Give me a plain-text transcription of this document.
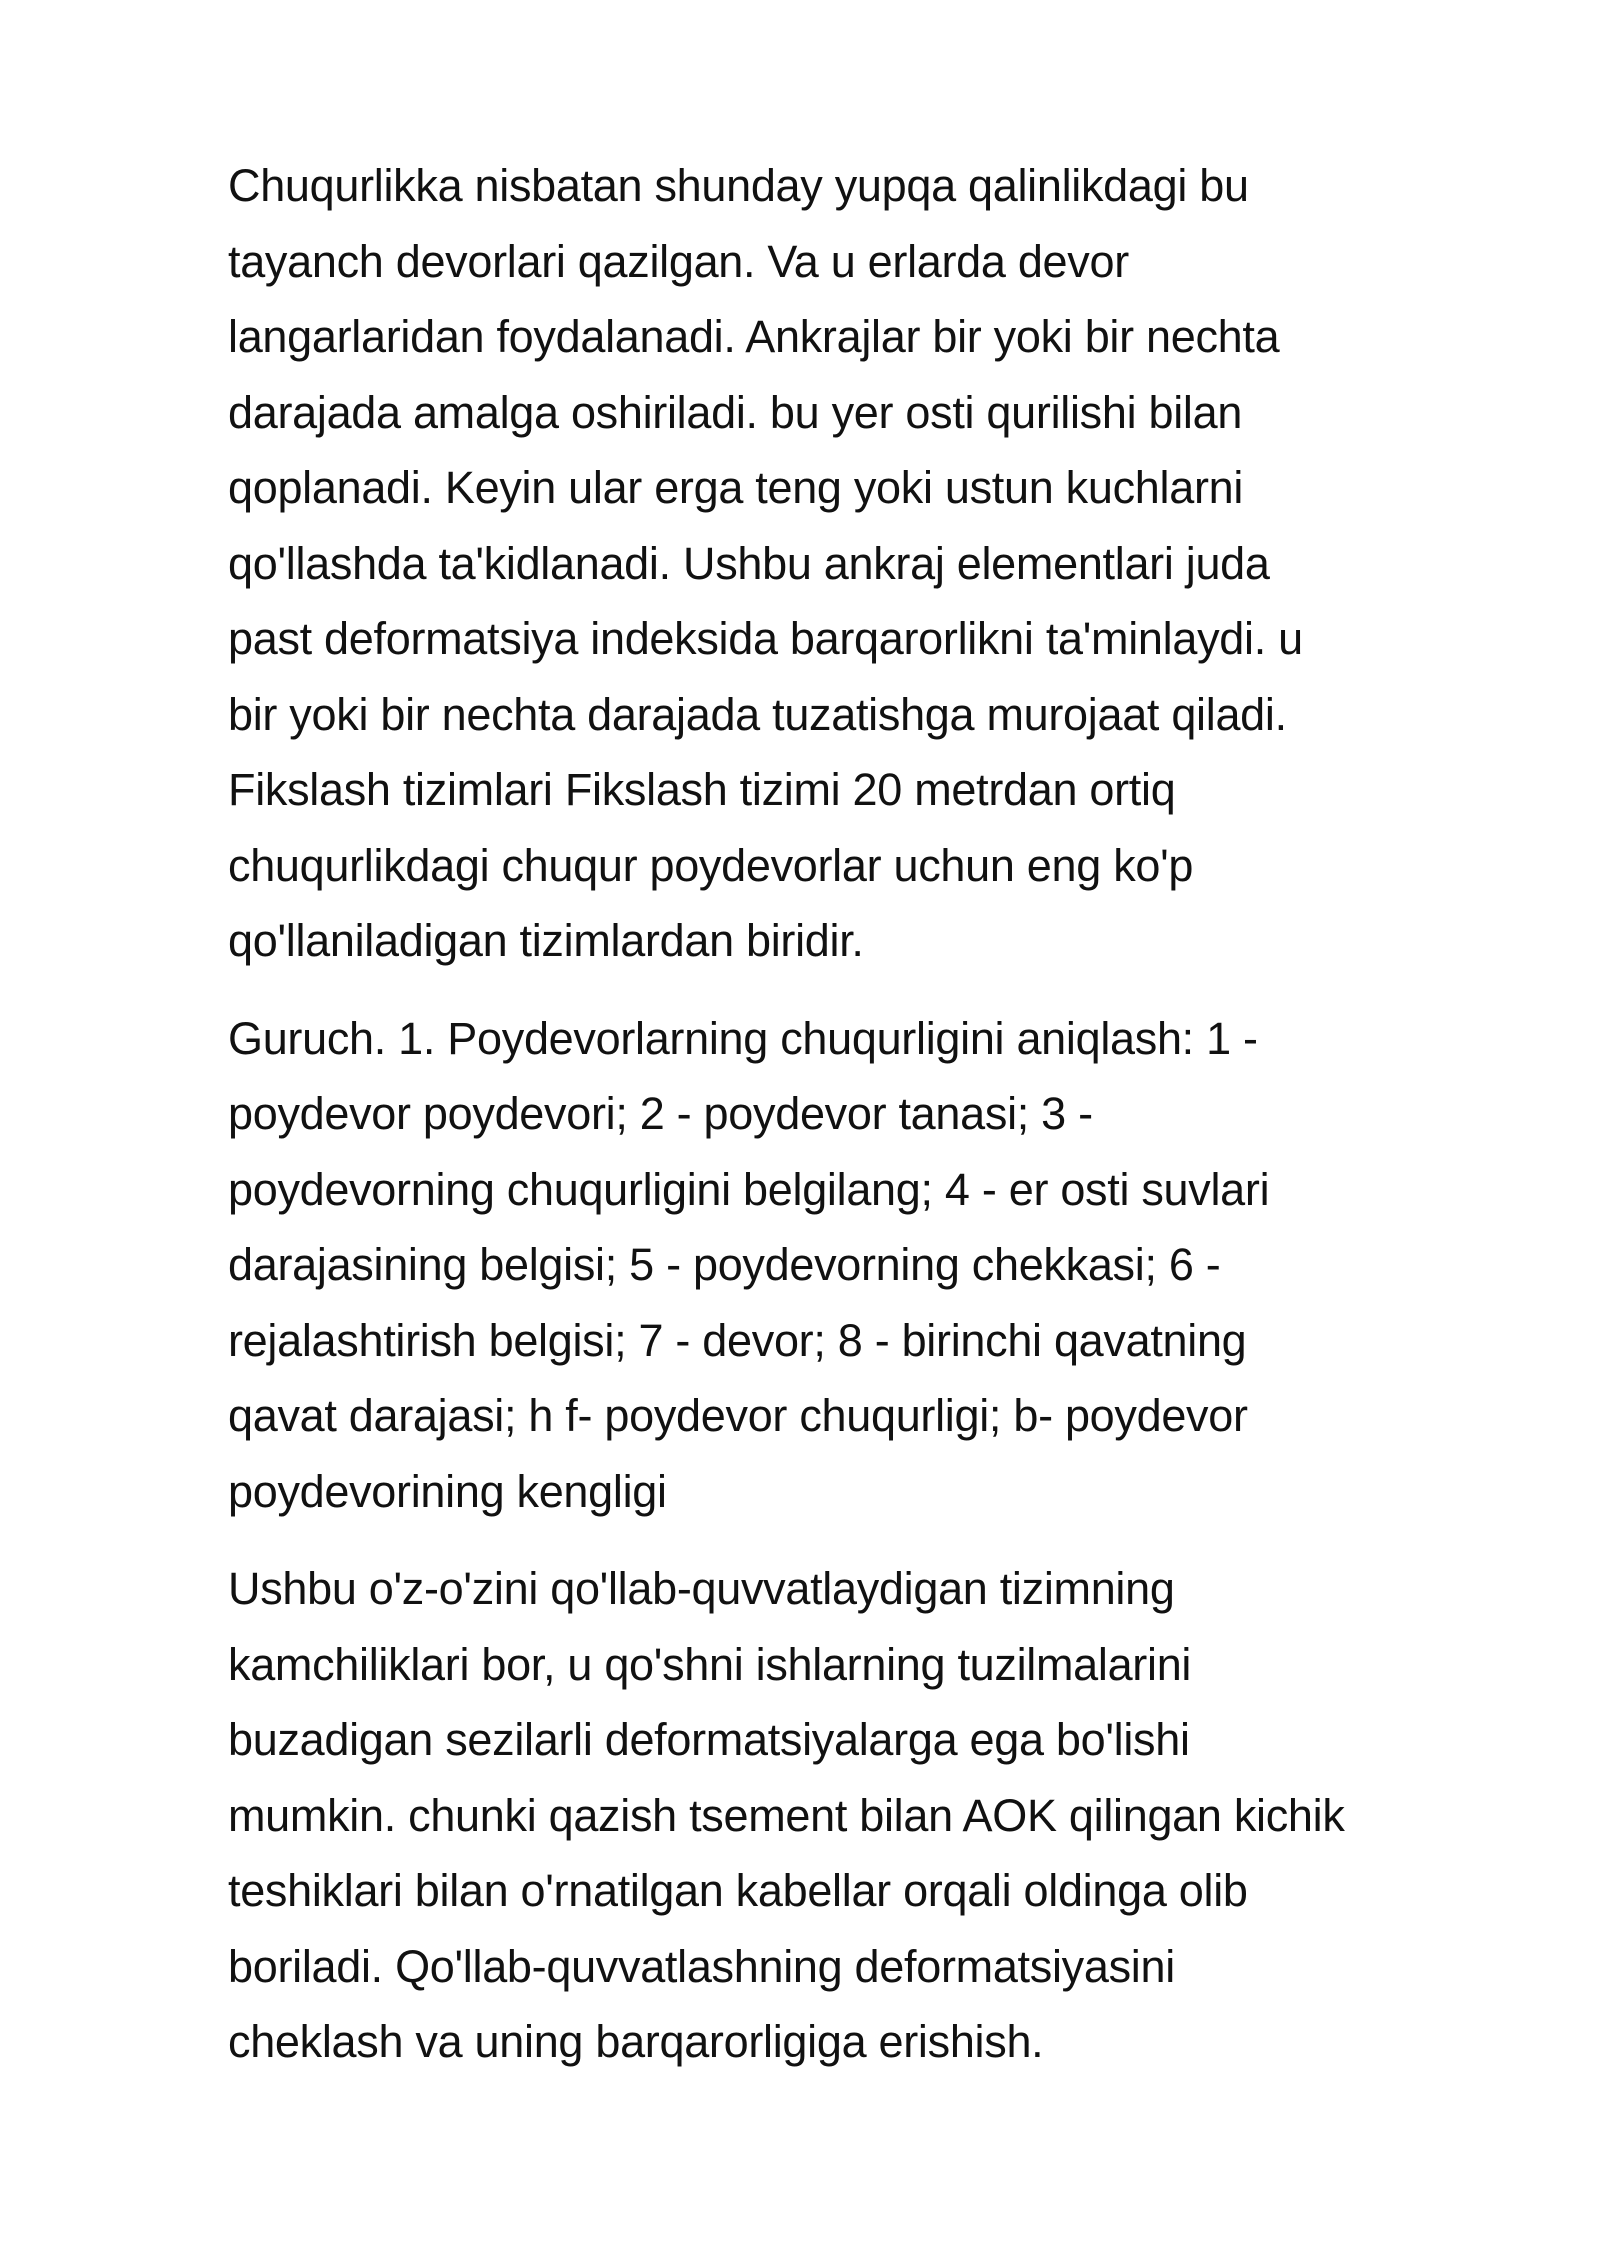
Chuqurlikka nisbatan shunday yupqa qalinlikdagi bu
tayanch devorlari qazilgan. Va u erlarda devor
langarlaridan foydalanadi. Ankrajlar bir yoki bir nechta
darajada amalga oshiriladi. bu yer osti qurilishi bilan
qoplanadi. Keyin ular erga teng yoki ustun kuchlarni
qo'llashda ta'kidlanadi. Ushbu ankraj elementlari juda
past deformatsiya indeksida barqarorlikni ta'minlaydi. u
bir yoki bir nechta darajada tuzatishga murojaat qiladi.
Fikslash tizimlari Fikslash tizimi 20 metrdan ortiq
chuqurlikdagi chuqur poydevorlar uchun eng ko'p
qo'llaniladigan tizimlardan biridir.

Guruch. 1. Poydevorlarning chuqurligini aniqlash: 1 -
poydevor poydevori; 2 - poydevor tanasi; 3 -
poydevorning chuqurligini belgilang; 4 - er osti suvlari
darajasining belgisi; 5 - poydevorning chekkasi; 6 -
rejalashtirish belgisi; 7 - devor; 8 - birinchi qavatning
qavat darajasi; h f- poydevor chuqurligi; b- poydevor
poydevorining kengligi

Ushbu o'z-o'zini qo'llab-quvvatlaydigan tizimning
kamchiliklari bor, u qo'shni ishlarning tuzilmalarini
buzadigan sezilarli deformatsiyalarga ega bo'lishi
mumkin. chunki qazish tsement bilan AOK qilingan kichik
teshiklari bilan o'rnatilgan kabellar orqali oldinga olib
boriladi. Qo'llab-quvvatlashning deformatsiyasini
cheklash va uning barqarorligiga erishish.
